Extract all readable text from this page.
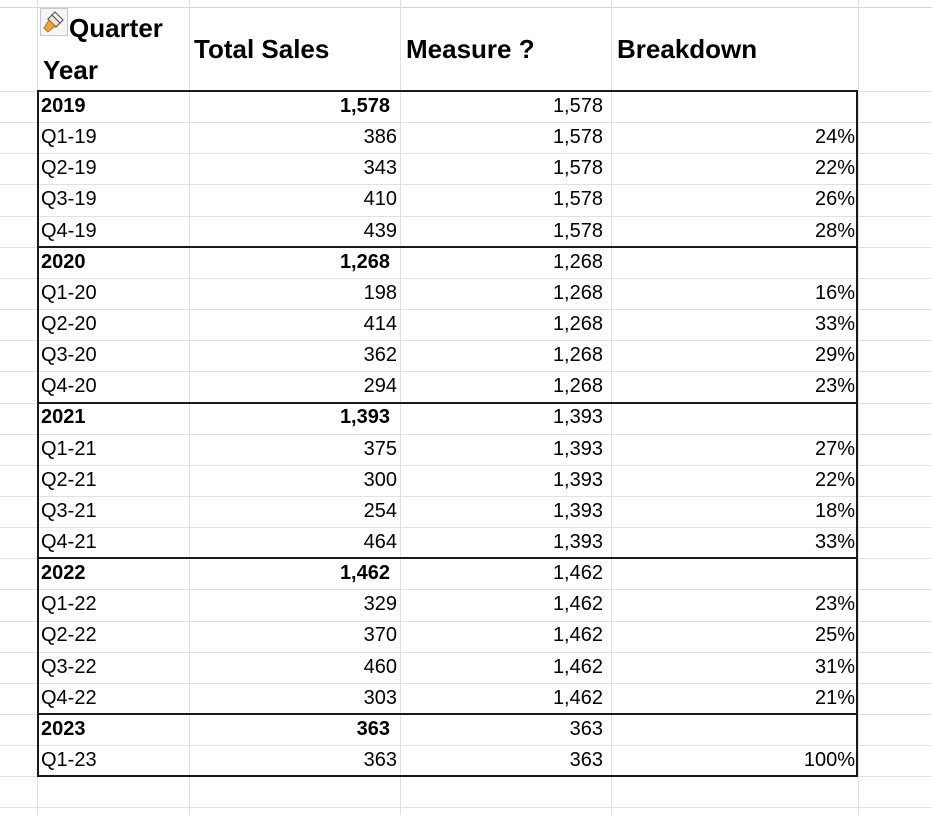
Quarter
Year
Total Sales	Measure ?	Breakdown
2019	1,578	1,578
Q1-19	386	1,578	24%
Q2-19	343	1,578	22%
Q3-19	410	1,578	26%
Q4-19	439	1,578	28%
2020	1,268	1,268
Q1-20	198	1,268	16%
Q2-20	414	1,268	33%
Q3-20	362	1,268	29%
Q4-20	294	1,268	23%
2021	1,393	1,393
Q1-21	375	1,393	27%
Q2-21	300	1,393	22%
Q3-21	254	1,393	18%
Q4-21	464	1,393	33%
2022	1,462	1,462
Q1-22	329	1,462	23%
Q2-22	370	1,462	25%
Q3-22	460	1,462	31%
Q4-22	303	1,462	21%
2023	363	363
Q1-23	363	363	100%
